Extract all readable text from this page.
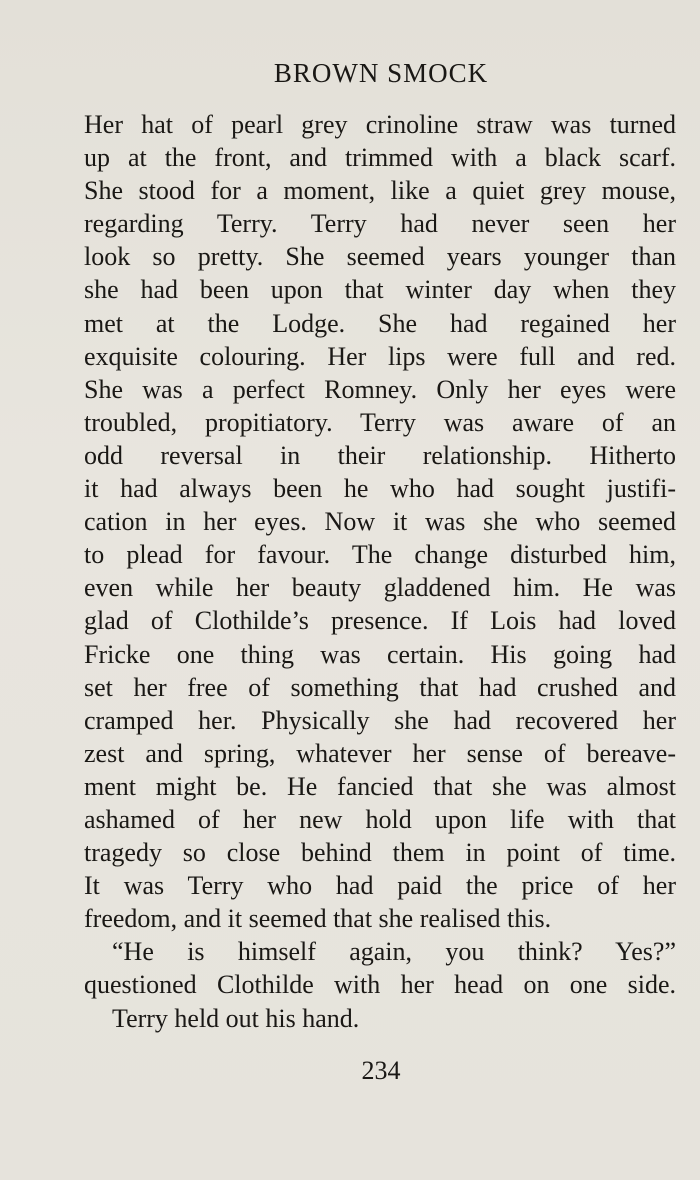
BROWN SMOCK
Her hat of pearl grey crinoline straw was turned
up at the front, and trimmed with a black scarf.
She stood for a moment, like a quiet grey mouse,
regarding Terry. Terry had never seen her
look so pretty. She seemed years younger than
she had been upon that winter day when they
met at the Lodge. She had regained her
exquisite colouring. Her lips were full and red.
She was a perfect Romney. Only her eyes were
troubled, propitiatory. Terry was aware of an
odd reversal in their relationship. Hitherto
it had always been he who had sought justifi-
cation in her eyes. Now it was she who seemed
to plead for favour. The change disturbed him,
even while her beauty gladdened him. He was
glad of Clothilde’s presence. If Lois had loved
Fricke one thing was certain. His going had
set her free of something that had crushed and
cramped her. Physically she had recovered her
zest and spring, whatever her sense of bereave-
ment might be. He fancied that she was almost
ashamed of her new hold upon life with that
tragedy so close behind them in point of time.
It was Terry who had paid the price of her
freedom, and it seemed that she realised this.
“He is himself again, you think? Yes?”
questioned Clothilde with her head on one side.
Terry held out his hand.
234
